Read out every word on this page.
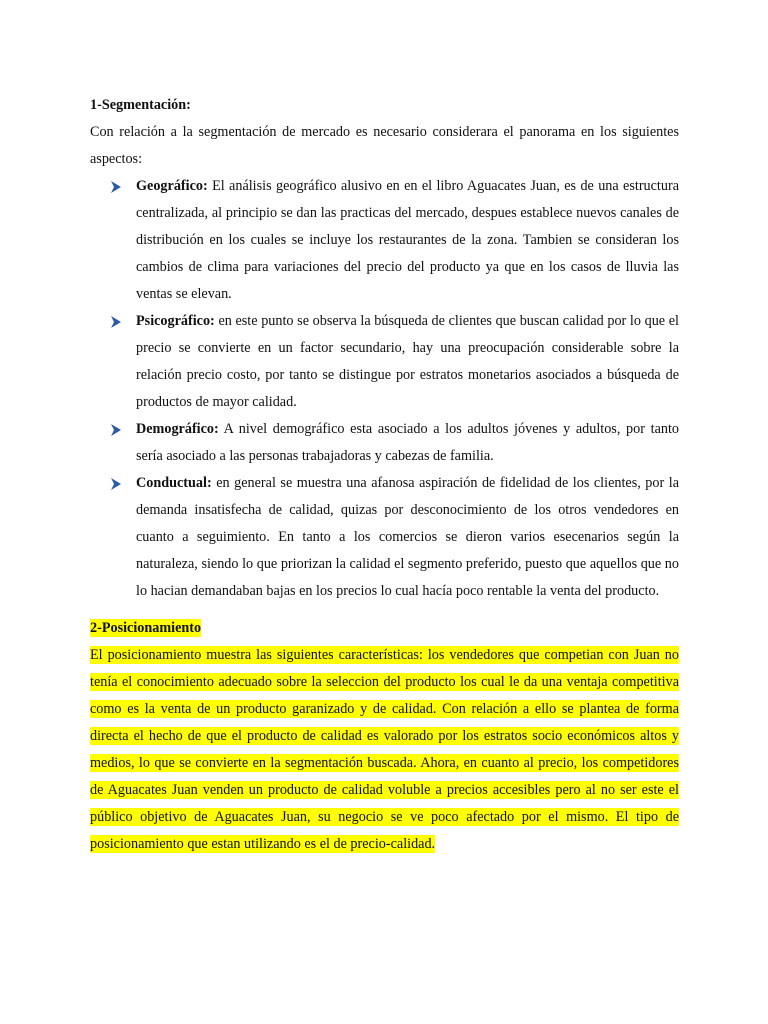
1-Segmentación:

Con relación a la segmentación de mercado es necesario considerara el panorama en los siguientes aspectos:

Geográfico: El análisis geográfico alusivo en en el libro Aguacates Juan, es de una estructura centralizada, al principio se dan las practicas del mercado, despues establece nuevos canales de distribución en los cuales se incluye los restaurantes de la zona. Tambien se consideran los cambios de clima para variaciones del precio del producto ya que en los casos de lluvia las ventas se elevan.
Psicográfico: en este punto se observa la búsqueda de clientes que buscan calidad por lo que el precio se convierte en un factor secundario, hay una preocupación considerable sobre la relación precio costo, por tanto se distingue por estratos monetarios asociados a búsqueda de productos de mayor calidad.
Demográfico: A nivel demográfico esta asociado a los adultos jóvenes y adultos, por tanto sería asociado a las personas trabajadoras y cabezas de familia.
Conductual: en general se muestra una afanosa aspiración de fidelidad de los clientes, por la demanda insatisfecha de calidad, quizas por desconocimiento de los otros vendedores en cuanto a seguimiento. En tanto a los comercios se dieron varios esecenarios según la naturaleza, siendo lo que priorizan la calidad el segmento preferido, puesto que aquellos que no lo hacian demandaban bajas en los precios lo cual hacía poco rentable la venta del producto.
2-Posicionamiento

El posicionamiento muestra las siguientes características: los vendedores que competian con Juan no tenía el conocimiento adecuado sobre la seleccion del producto los cual le da una ventaja competitiva como es la venta de un producto garanizado y de calidad. Con relación a ello se plantea de forma directa el hecho de que el producto de calidad es valorado por los estratos socio económicos altos y medios, lo que se convierte en la segmentación buscada. Ahora, en cuanto al precio, los competidores de Aguacates Juan venden un producto de calidad voluble a precios accesibles pero al no ser este el público objetivo de Aguacates Juan, su negocio se ve poco afectado por el mismo. El tipo de posicionamiento que estan utilizando es el de precio-calidad.
